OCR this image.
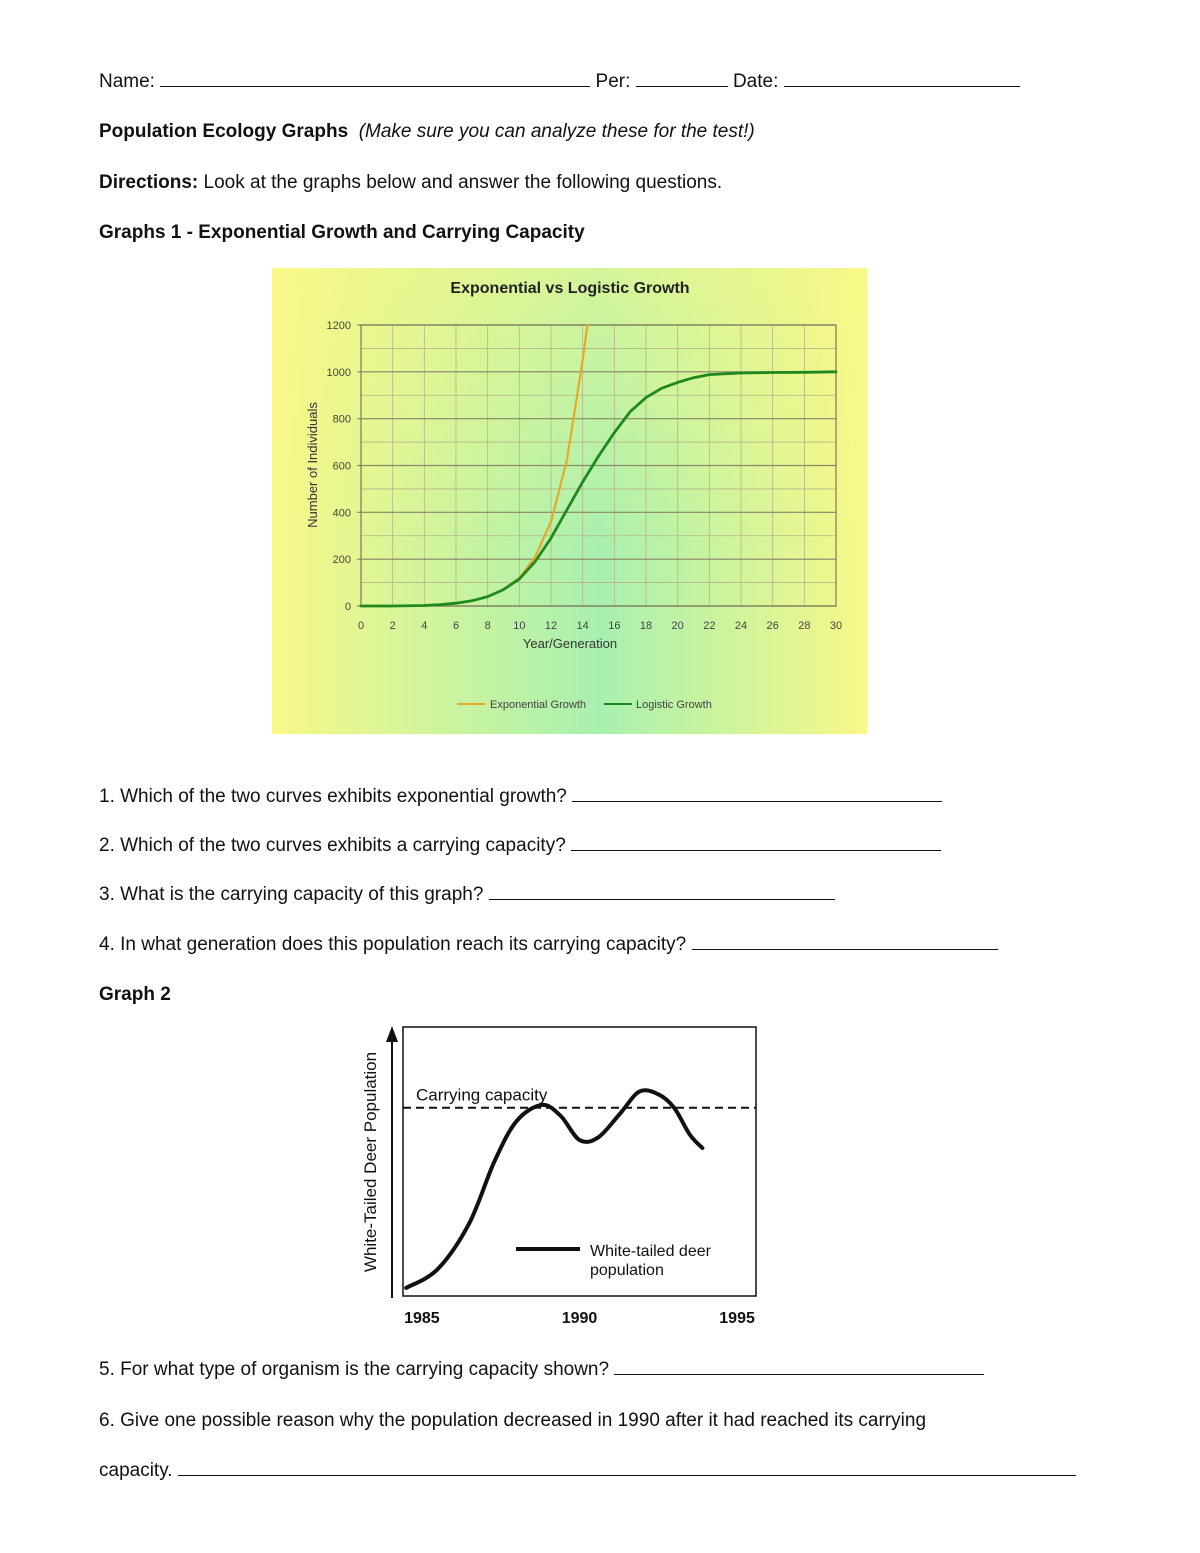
Name:	Per:	Date:
Population Ecology Graphs (Make sure you can analyze these for the test!)
Directions: Look at the graphs below and answer the following questions.
Graphs 1 - Exponential Growth and Carrying Capacity
Exponential vs Logistic Growth
0
200
400
600
800
1000
1200
0 2 4 6 8 10 12 14 16 18 20 22 24 26 28 30
Year/Generation
Number of Individuals
Exponential Growth	Logistic Growth
1. Which of the two curves exhibits exponential growth?
2. Which of the two curves exhibits a carrying capacity?
3. What is the carrying capacity of this graph?
4. In what generation does this population reach its carrying capacity?
Graph 2
White-Tailed Deer Population Carrying capacity
1985	1990	1995
White-tailed deer
population
5. For what type of organism is the carrying capacity shown?
6. Give one possible reason why the population decreased in 1990 after it had reached its carrying
capacity.
